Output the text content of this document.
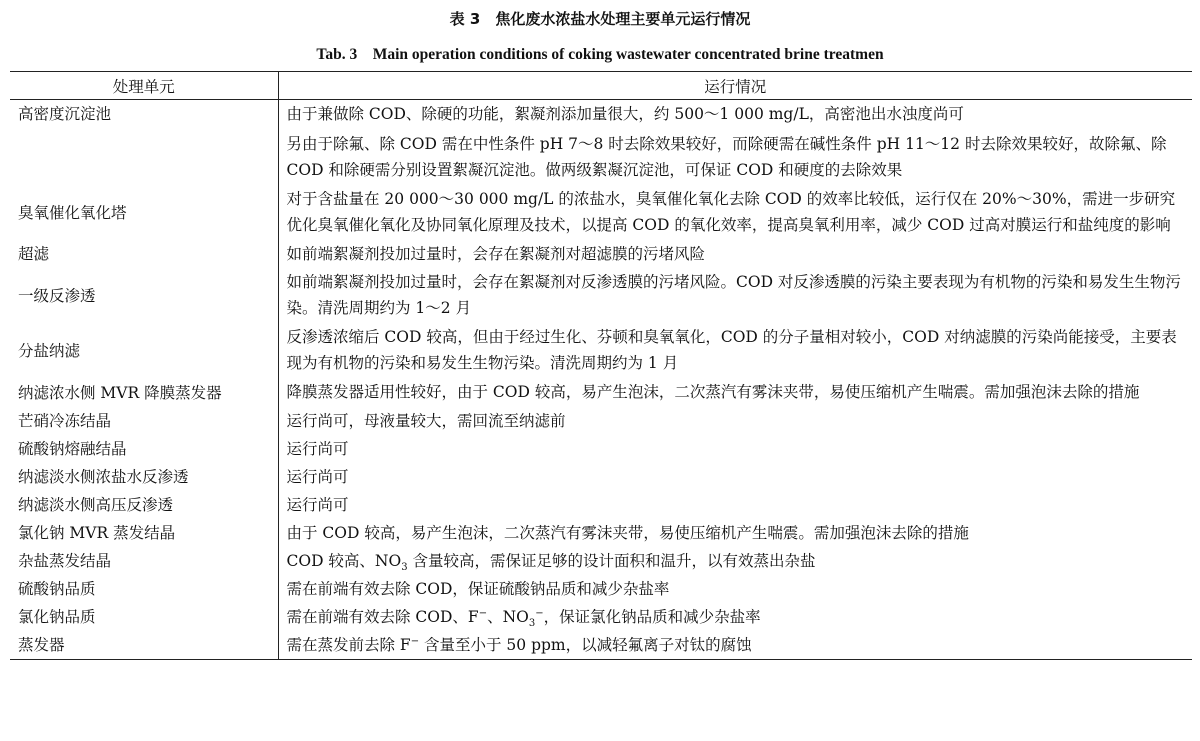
表 3　焦化废水浓盐水处理主要单元运行情况
Tab. 3　Main operation conditions of coking wastewater concentrated brine treatmen
处理单元	运行情况
高密度沉淀池	由于兼做除 COD、除硬的功能，絮凝剂添加量很大，约 500～1 000 mg/L，高密池出水浊度尚可

另由于除氟、除 COD 需在中性条件 pH 7～8 时去除效果较好，而除硬需在碱性条件 pH 11～12 时去除效果较好，故除氟、除 COD 和除硬需分别设置絮凝沉淀池。做两级絮凝沉淀池，可保证 COD 和硬度的去除效果

臭氧催化氧化塔	对于含盐量在 20 000～30 000 mg/L 的浓盐水，臭氧催化氧化去除 COD 的效率比较低，运行仅在 20%～30%，需进一步研究优化臭氧催化氧化及协同氧化原理及技术，以提高 COD 的氧化效率，提高臭氧利用率，减少 COD 过高对膜运行和盐纯度的影响

超滤	如前端絮凝剂投加过量时，会存在絮凝剂对超滤膜的污堵风险
一级反渗透	如前端絮凝剂投加过量时，会存在絮凝剂对反渗透膜的污堵风险。COD 对反渗透膜的污染主要表现为有机物的污染和易发生生物污染。清洗周期约为 1～2 月

分盐纳滤	反渗透浓缩后 COD 较高，但由于经过生化、芬顿和臭氧氧化，COD 的分子量相对较小，COD 对纳滤膜的污染尚能接受，主要表现为有机物的污染和易发生生物污染。清洗周期约为 1 月

纳滤浓水侧 MVR 降膜蒸发器	降膜蒸发器适用性较好，由于 COD 较高，易产生泡沫，二次蒸汽有雾沫夹带，易使压缩机产生喘震。需加强泡沫去除的措施

芒硝冷冻结晶	运行尚可，母液量较大，需回流至纳滤前
硫酸钠熔融结晶	运行尚可
纳滤淡水侧浓盐水反渗透	运行尚可
纳滤淡水侧高压反渗透	运行尚可
氯化钠 MVR 蒸发结晶	由于 COD 较高，易产生泡沫，二次蒸汽有雾沫夹带，易使压缩机产生喘震。需加强泡沫去除的措施
杂盐蒸发结晶	COD 较高、$NO_3$ 含量较高，需保证足够的设计面积和温升，以有效蒸出杂盐
硫酸钠品质	需在前端有效去除 COD，保证硫酸钠品质和减少杂盐率
氯化钠品质	需在前端有效去除 COD、F−、$NO_3^-$，保证氯化钠品质和减少杂盐率
蒸发器	需在蒸发前去除 F− 含量至小于 50 ppm，以减轻氟离子对钛的腐蚀
